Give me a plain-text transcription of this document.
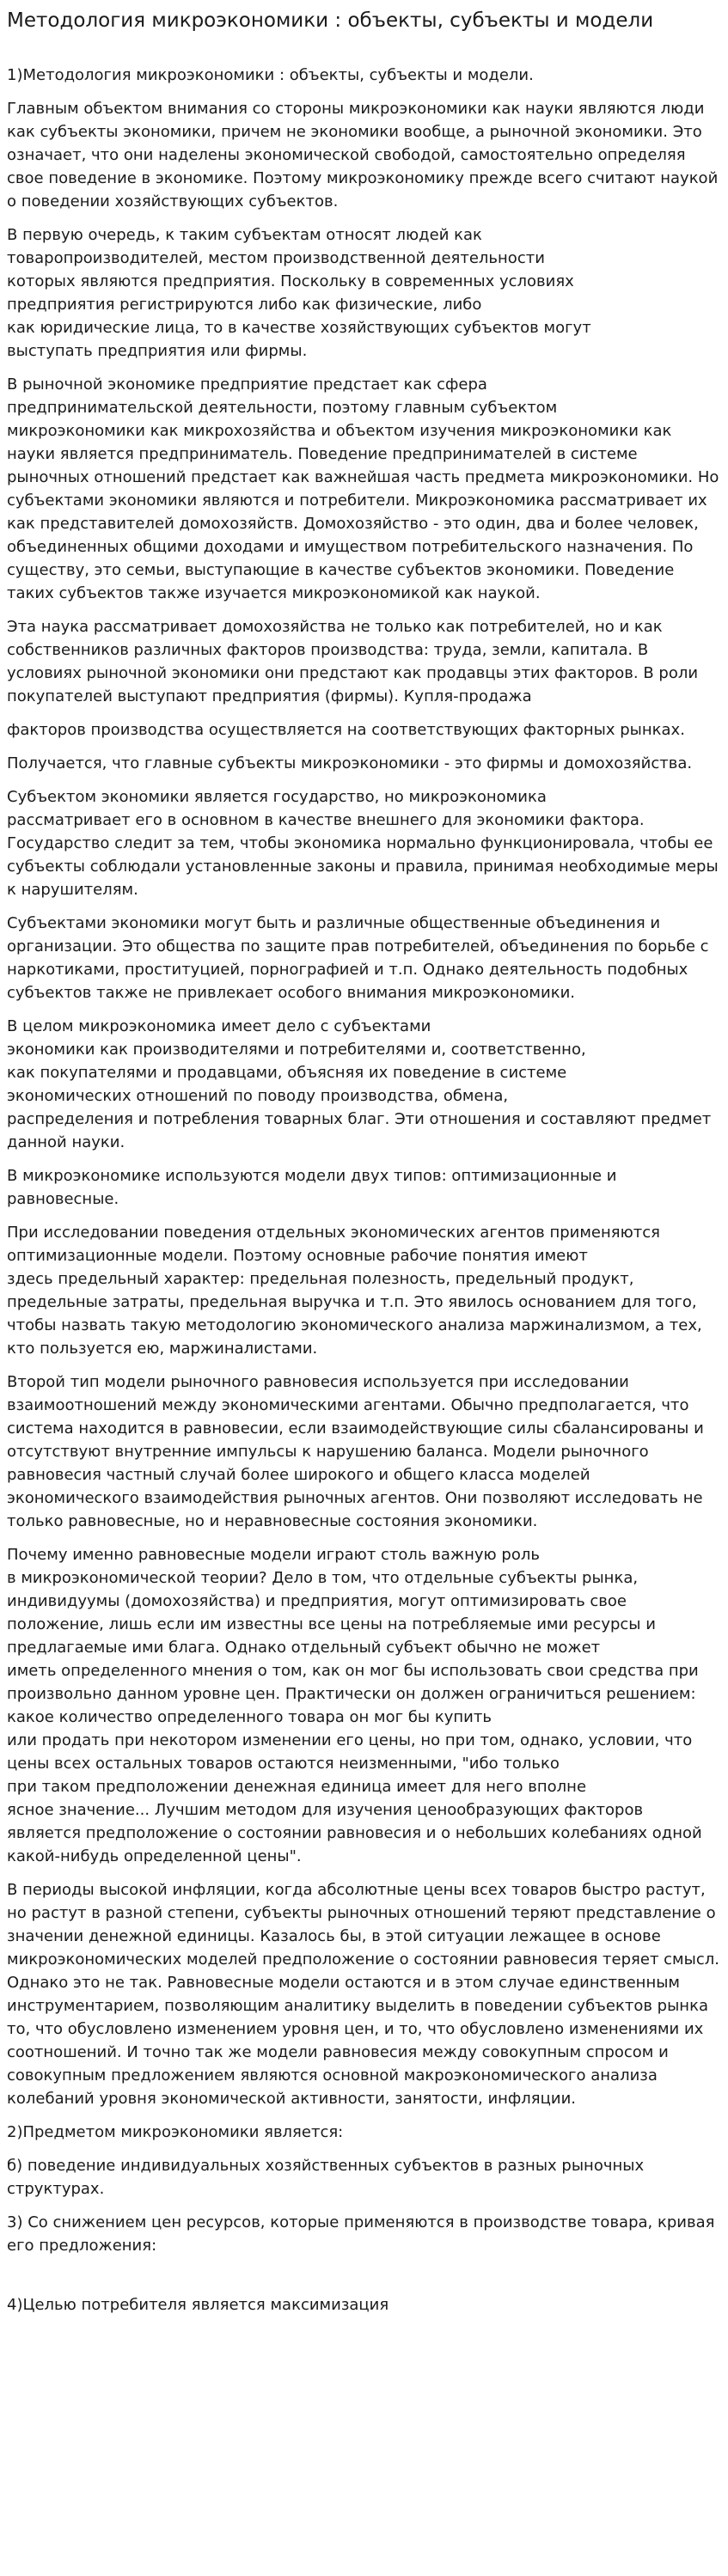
Методология микроэкономики : объекты, субъекты и модели

1)Методология микроэкономики : объекты, субъекты и модели.

Главным объектом внимания со стороны микроэкономики как науки являются люди как субъекты экономики, причем не экономики вообще, а рыночной экономики. Это означает, что они наделены экономической свободой, самостоятельно определяя свое поведение в экономике. Поэтому микроэкономику прежде всего считают наукой о поведении хозяйствующих субъектов.

В первую очередь, к таким субъектам относят людей как
товаропроизводителей, местом производственной деятельности
которых являются предприятия. Поскольку в современных условиях
предприятия регистрируются либо как физические, либо
как юридические лица, то в качестве хозяйствующих субъектов могут
выступать предприятия или фирмы.

В рыночной экономике предприятие предстает как сфера
предпринимательской деятельности, поэтому главным субъектом
микроэкономики как микрохозяйства и объектом изучения микроэкономики как науки является предприниматель. Поведение предпринимателей в системе рыночных отношений предстает как важнейшая часть предмета микроэкономики. Но субъектами экономики являются и потребители. Микроэкономика рассматривает их как представителей домохозяйств. Домохозяйство - это один, два и более человек, объединенных общими доходами и имуществом потребительского назначения. По существу, это семьи, выступающие в качестве субъектов экономики. Поведение таких субъектов также изучается микроэкономикой как наукой.

Эта наука рассматривает домохозяйства не только как потребителей, но и как собственников различных факторов производства: труда, земли, капитала. В условиях рыночной экономики они предстают как продавцы этих факторов. В роли покупателей выступают предприятия (фирмы). Купля-продажа

факторов производства осуществляется на соответствующих факторных рынках.

Получается, что главные субъекты микроэкономики - это фирмы и домохозяйства.

Субъектом экономики является государство, но микроэкономика
рассматривает его в основном в качестве внешнего для экономики фактора. Государство следит за тем, чтобы экономика нормально функционировала, чтобы ее субъекты соблюдали установленные законы и правила, принимая необходимые меры к нарушителям.

Субъектами экономики могут быть и различные общественные объединения и организации. Это общества по защите прав потребителей, объединения по борьбе с наркотиками, проституцией, порнографией и т.п. Однако деятельность подобных субъектов также не привлекает особого внимания микроэкономики.

В целом микроэкономика имеет дело с субъектами
экономики как производителями и потребителями и, соответственно,
как покупателями и продавцами, объясняя их поведение в системе
экономических отношений по поводу производства, обмена,
распределения и потребления товарных благ. Эти отношения и составляют предмет данной науки.

В микроэкономике используются модели двух типов: оптимизационные и равновесные.

При исследовании поведения отдельных экономических агентов применяются оптимизационные модели. Поэтому основные рабочие понятия имеют
здесь предельный характер: предельная полезность, предельный продукт, предельные затраты, предельная выручка и т.п. Это явилось основанием для того, чтобы назвать такую методологию экономического анализа маржинализмом, а тех, кто пользуется ею, маржиналистами.

Второй тип модели рыночного равновесия используется при исследовании взаимоотношений между экономическими агентами. Обычно предполагается, что система находится в равновесии, если взаимодействующие силы сбалансированы и отсутствуют внутренние импульсы к нарушению баланса. Модели рыночного равновесия частный случай более широкого и общего класса моделей экономического взаимодействия рыночных агентов. Они позволяют исследовать не только равновесные, но и неравновесные состояния экономики.

Почему именно равновесные модели играют столь важную роль
в микроэкономической теории? Дело в том, что отдельные субъекты рынка, индивидуумы (домохозяйства) и предприятия, могут оптимизировать свое положение, лишь если им известны все цены на потребляемые ими ресурсы и предлагаемые ими блага. Однако отдельный субъект обычно не может
иметь определенного мнения о том, как он мог бы использовать свои средства при произвольно данном уровне цен. Практически он должен ограничиться решением: какое количество определенного товара он мог бы купить
или продать при некотором изменении его цены, но при том, однако, условии, что цены всех остальных товаров остаются неизменными, "ибо только
при таком предположении денежная единица имеет для него вполне
ясное значение... Лучшим методом для изучения ценообразующих факторов является предположение о состоянии равновесия и о небольших колебаниях одной какой-нибудь определенной цены".

В периоды высокой инфляции, когда абсолютные цены всех товаров быстро растут, но растут в разной степени, субъекты рыночных отношений теряют представление о значении денежной единицы. Казалось бы, в этой ситуации лежащее в основе микроэкономических моделей предположение о состоянии равновесия теряет смысл. Однако это не так. Равновесные модели остаются и в этом случае единственным инструментарием, позволяющим аналитику выделить в поведении субъектов рынка то, что обусловлено изменением уровня цен, и то, что обусловлено изменениями их соотношений. И точно так же модели равновесия между совокупным спросом и совокупным предложением являются основной макроэкономического анализа колебаний уровня экономической активности, занятости, инфляции.

2)Предметом микроэкономики является:

б) поведение индивидуальных хозяйственных субъектов в разных рыночных структурах.

3) Со снижением цен ресурсов, которые применяются в производстве товара, кривая его предложения:

4)Целью потребителя является максимизация
